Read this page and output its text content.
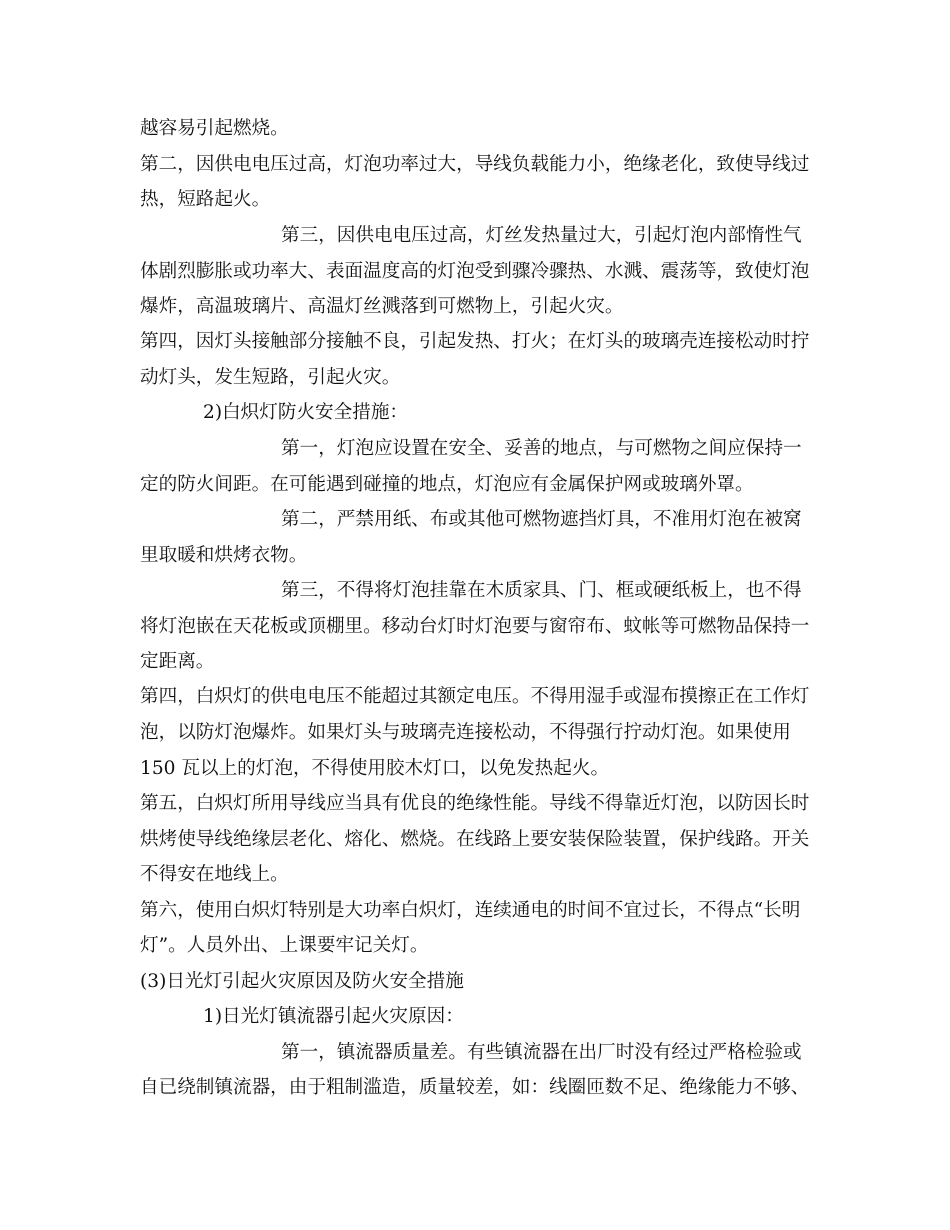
越容易引起燃烧。
第二，因供电电压过高，灯泡功率过大，导线负载能力小，绝缘老化，致使导线过
热，短路起火。
第三，因供电电压过高，灯丝发热量过大，引起灯泡内部惰性气
体剧烈膨胀或功率大、表面温度高的灯泡受到骤冷骤热、水溅、震荡等，致使灯泡
爆炸，高温玻璃片、高温灯丝溅落到可燃物上，引起火灾。
第四，因灯头接触部分接触不良，引起发热、打火；在灯头的玻璃壳连接松动时拧
动灯头，发生短路，引起火灾。
2)白炽灯防火安全措施：
第一，灯泡应设置在安全、妥善的地点，与可燃物之间应保持一
定的防火间距。在可能遇到碰撞的地点，灯泡应有金属保护网或玻璃外罩。
第二，严禁用纸、布或其他可燃物遮挡灯具，不准用灯泡在被窝
里取暖和烘烤衣物。
第三，不得将灯泡挂靠在木质家具、门、框或硬纸板上，也不得
将灯泡嵌在天花板或顶棚里。移动台灯时灯泡要与窗帘布、蚊帐等可燃物品保持一
定距离。
第四，白炽灯的供电电压不能超过其额定电压。不得用湿手或湿布摸擦正在工作灯
泡，以防灯泡爆炸。如果灯头与玻璃壳连接松动，不得强行拧动灯泡。如果使用
150 瓦以上的灯泡，不得使用胶木灯口，以免发热起火。
第五，白炽灯所用导线应当具有优良的绝缘性能。导线不得靠近灯泡，以防因长时
烘烤使导线绝缘层老化、熔化、燃烧。在线路上要安装保险装置，保护线路。开关
不得安在地线上。
第六，使用白炽灯特别是大功率白炽灯，连续通电的时间不宜过长，不得点“长明
灯”。人员外出、上课要牢记关灯。
(3)日光灯引起火灾原因及防火安全措施
1)日光灯镇流器引起火灾原因：
第一，镇流器质量差。有些镇流器在出厂时没有经过严格检验或
自已绕制镇流器，由于粗制滥造，质量较差，如：线圈匝数不足、绝缘能力不够、
